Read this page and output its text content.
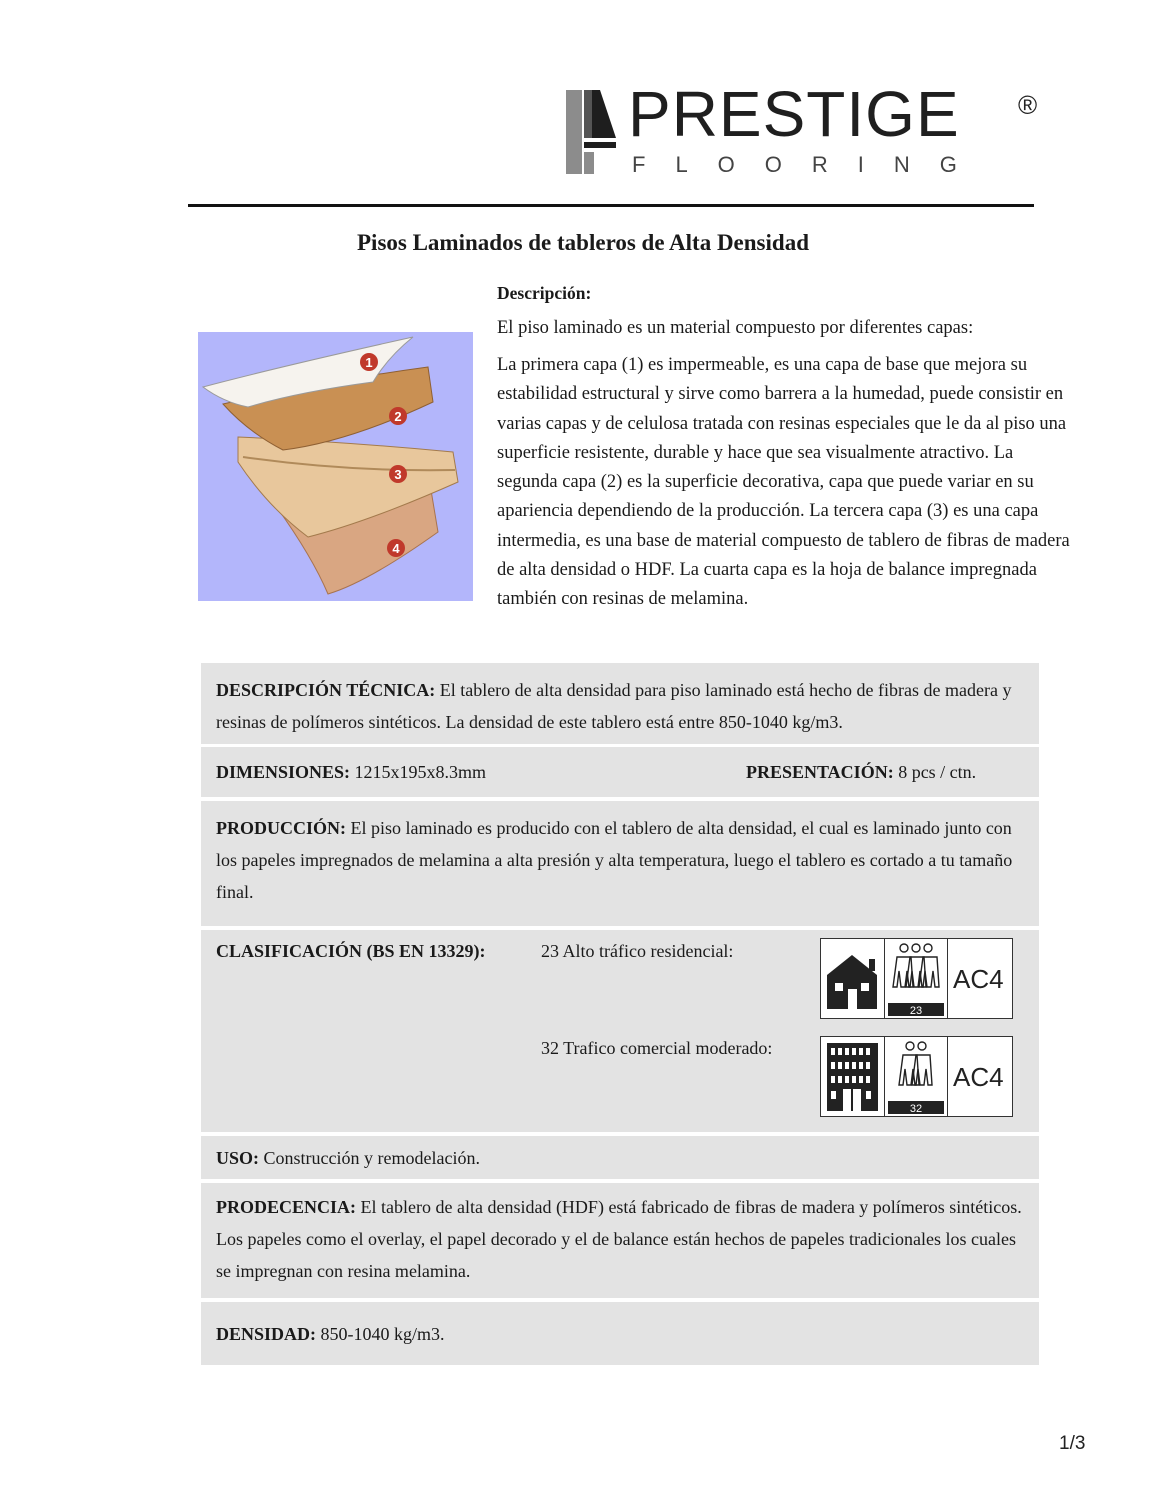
PRESTIGE ®
FLOORING
Pisos Laminados de tableros de Alta Densidad
1
2
3
4
Descripción:
El piso laminado es un material compuesto por diferentes capas:
La primera capa (1) es impermeable, es una capa de base que mejora su estabilidad estructural y sirve como barrera a la humedad, puede consistir en varias capas y de celulosa tratada con resinas especiales que le da al piso una superficie resistente, durable y hace que sea visualmente atractivo. La segunda capa (2) es la superficie decorativa, capa que puede variar en su apariencia dependiendo de la producción. La tercera capa (3) es una capa intermedia, es una base de material compuesto de tablero de fibras de madera de alta densidad o HDF. La cuarta capa es la hoja de balance impregnada también con resinas de melamina.
DESCRIPCIÓN TÉCNICA: El tablero de alta densidad para piso laminado está hecho de fibras de madera y resinas de polímeros sintéticos. La densidad de este tablero está entre 850-1040 kg/m3.
DIMENSIONES: 1215x195x8.3mm	PRESENTACIÓN: 8 pcs / ctn.
PRODUCCIÓN: El piso laminado es producido con el tablero de alta densidad, el cual es laminado junto con los papeles impregnados de melamina a alta presión y alta temperatura, luego el tablero es cortado a tu tamaño final.
CLASIFICACIÓN (BS EN 13329):	23 Alto tráfico residencial:
32 Trafico comercial moderado:
23
AC4
32
AC4
USO: Construcción y remodelación.
PRODECENCIA: El tablero de alta densidad (HDF) está fabricado de fibras de madera y polímeros sintéticos. Los papeles como el overlay, el papel decorado y el de balance están hechos de papeles tradicionales los cuales se impregnan con resina melamina.
DENSIDAD: 850-1040 kg/m3.
1/3
